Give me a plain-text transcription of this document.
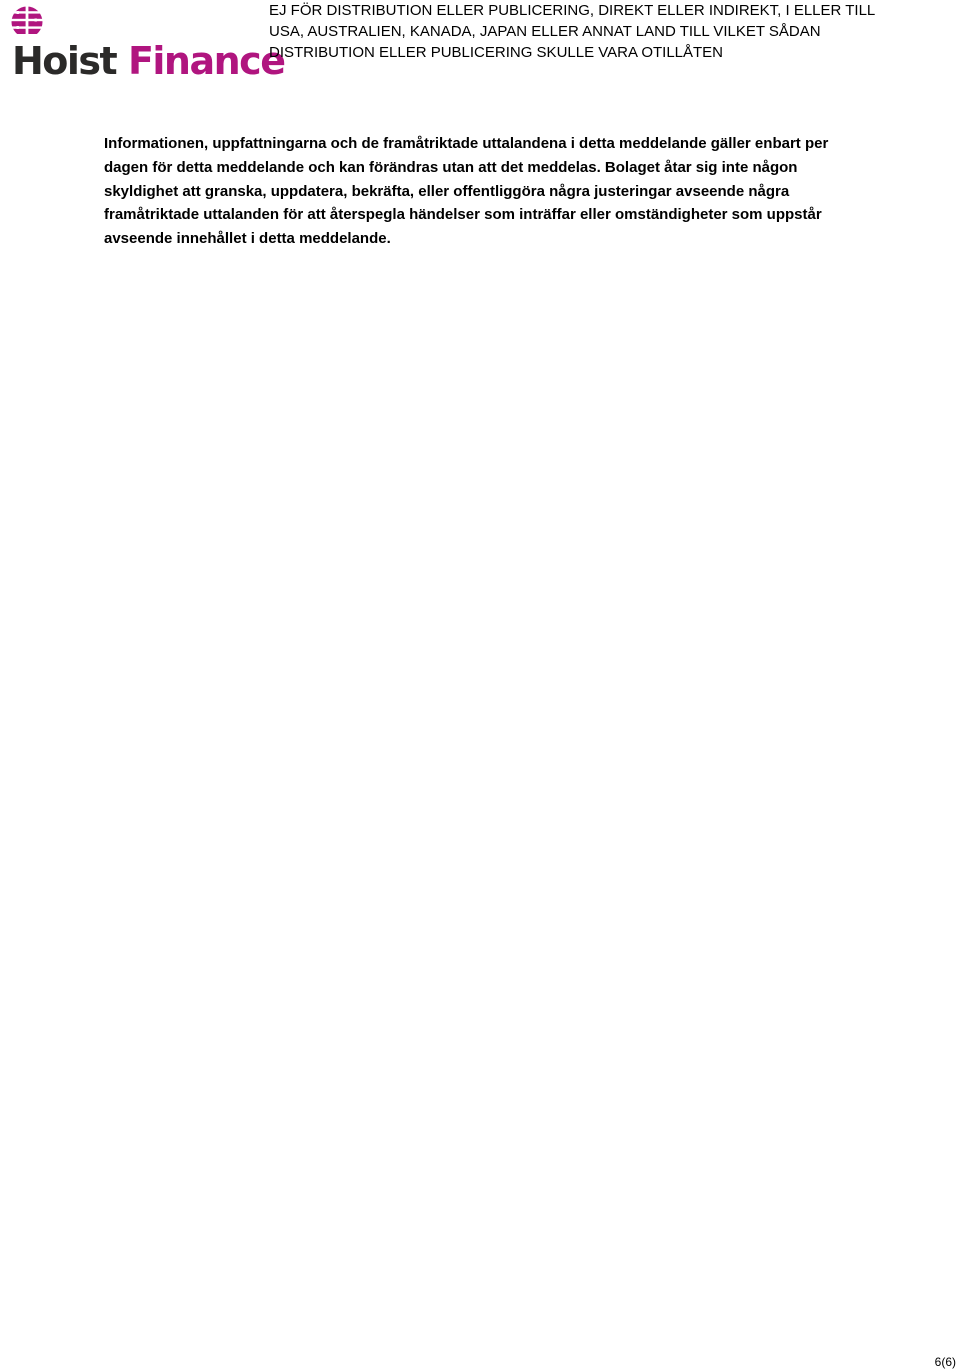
Hoist Finance
EJ FÖR DISTRIBUTION ELLER PUBLICERING, DIREKT ELLER INDIREKT, I ELLER TILL
USA, AUSTRALIEN, KANADA, JAPAN ELLER ANNAT LAND TILL VILKET SÅDAN
DISTRIBUTION ELLER PUBLICERING SKULLE VARA OTILLÅTEN
Informationen, uppfattningarna och de framåtriktade uttalandena i detta meddelande gäller enbart per
dagen för detta meddelande och kan förändras utan att det meddelas. Bolaget åtar sig inte någon
skyldighet att granska, uppdatera, bekräfta, eller offentliggöra några justeringar avseende några
framåtriktade uttalanden för att återspegla händelser som inträffar eller omständigheter som uppstår
avseende innehållet i detta meddelande.
6(6)
